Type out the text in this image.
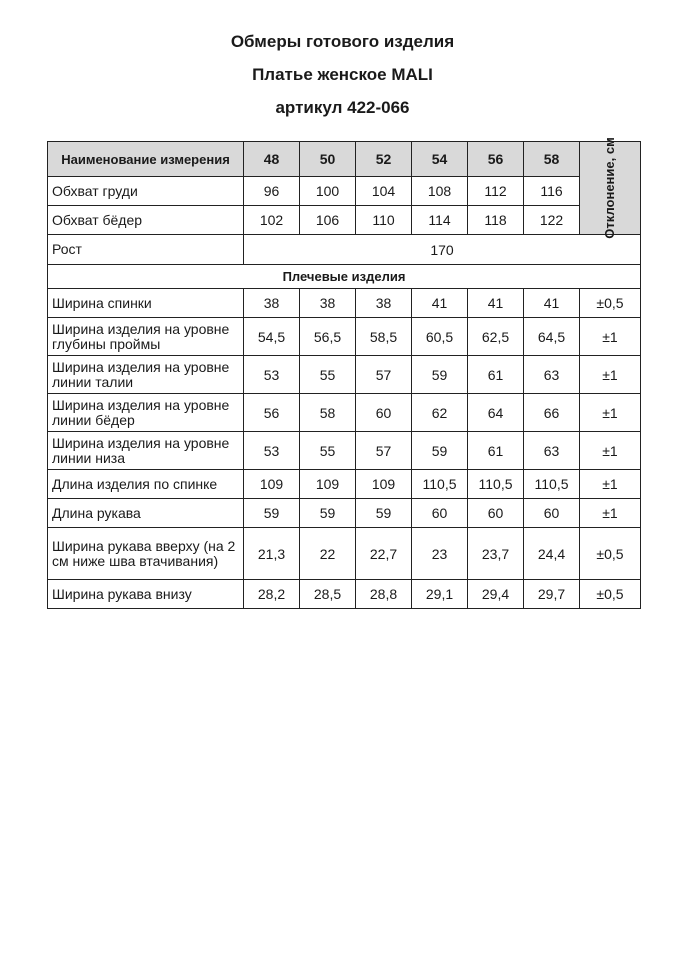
Обмеры готового изделия
Платье женское MALI
артикул 422-066
Наименование измерения	48	50	52	54	56	58	Отклонение, см

Обхват груди	96	100	104	108	112	116	
Обхват бёдер	102	106	110	114	118	122	
Рост	170						
Плечевые изделия							
Ширина спинки	38	38	38	41	41	41	±0,5
Ширина изделия на уровне глубины проймы	54,5	56,5	58,5	60,5	62,5	64,5	±1
Ширина изделия на уровне линии талии	53	55	57	59	61	63	±1
Ширина изделия на уровне линии бёдер	56	58	60	62	64	66	±1
Ширина изделия на уровне линии низа	53	55	57	59	61	63	±1
Длина изделия по спинке	109	109	109	110,5	110,5	110,5	±1
Длина рукава	59	59	59	60	60	60	±1
Ширина рукава вверху (на 2 см ниже шва втачивания)	21,3	22	22,7	23	23,7	24,4	±0,5
Ширина рукава внизу	28,2	28,5	28,8	29,1	29,4	29,7	±0,5
